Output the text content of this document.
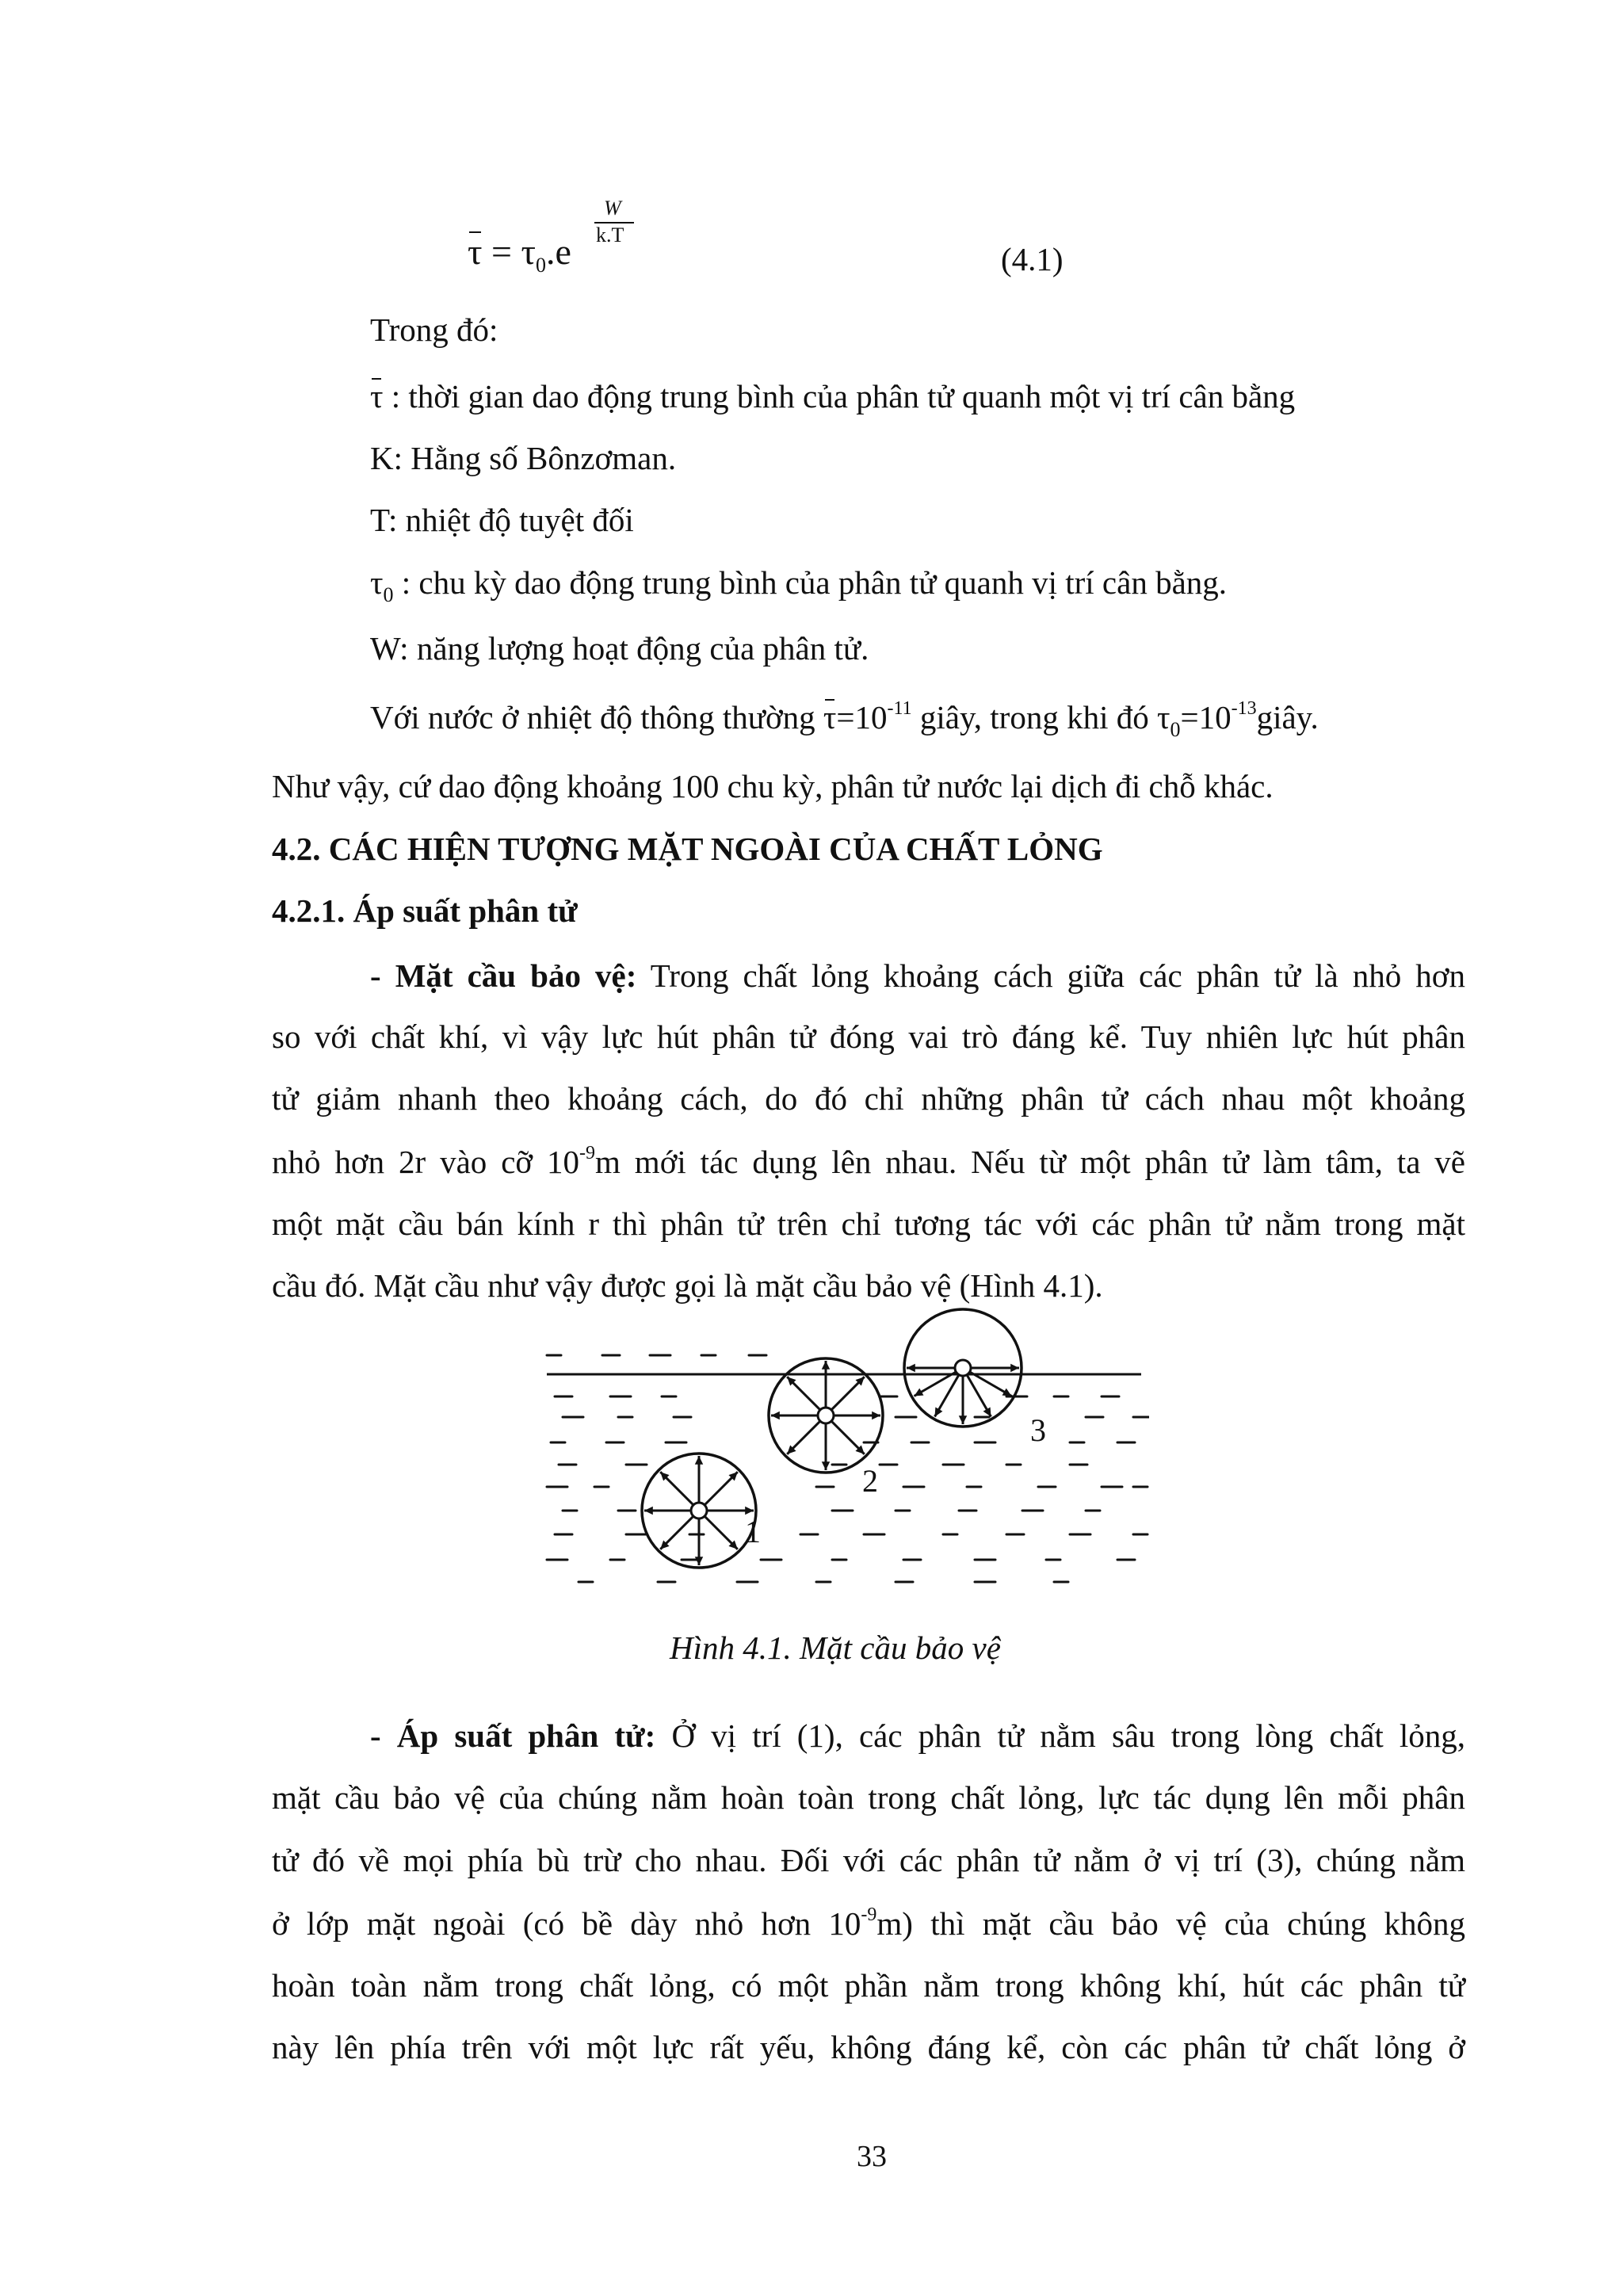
$\tau = \tau_0.e$
W
k.T
(4.1)
Trong đó:
τ : thời gian dao động trung bình của phân tử quanh một vị trí cân bằng
K: Hằng số Bônzơman.
T: nhiệt độ tuyệt đối
$\tau_0$ : chu kỳ dao động trung bình của phân tử quanh vị trí cân bằng.
W: năng lượng hoạt động của phân tử.
Với nước ở nhiệt độ thông thường $\tau=10^{-11}$ giây, trong khi đó $\tau_0=10^{-13}giây$.
Như vậy, cứ dao động khoảng 100 chu kỳ, phân tử nước lại dịch đi chỗ khác.
4.2. CÁC HIỆN TƯỢNG MẶT NGOÀI CỦA CHẤT LỎNG
4.2.1. Áp suất phân tử
- Mặt cầu bảo vệ: Trong chất lỏng khoảng cách giữa các phân tử là nhỏ hơn
so với chất khí, vì vậy lực hút phân tử đóng vai trò đáng kể. Tuy nhiên lực hút phân
tử giảm nhanh theo khoảng cách, do đó chỉ những phân tử cách nhau một khoảng
nhỏ hơn 2r vào cỡ $10^{-9}m$ mới tác dụng lên nhau. Nếu từ một phân tử làm tâm, ta vẽ
một mặt cầu bán kính r thì phân tử trên chỉ tương tác với các phân tử nằm trong mặt
cầu đó. Mặt cầu như vậy được gọi là mặt cầu bảo vệ (Hình 4.1).
1
2
3
Hình 4.1. Mặt cầu bảo vệ
- Áp suất phân tử: Ở vị trí (1), các phân tử nằm sâu trong lòng chất lỏng,
mặt cầu bảo vệ của chúng nằm hoàn toàn trong chất lỏng, lực tác dụng lên mỗi phân
tử đó về mọi phía bù trừ cho nhau. Đối với các phân tử nằm ở vị trí (3), chúng nằm
ở lớp mặt ngoài (có bề dày nhỏ hơn $10^{-9}m$) thì mặt cầu bảo vệ của chúng không
hoàn toàn nằm trong chất lỏng, có một phần nằm trong không khí, hút các phân tử
này lên phía trên với một lực rất yếu, không đáng kể, còn các phân tử chất lỏng ở
33
